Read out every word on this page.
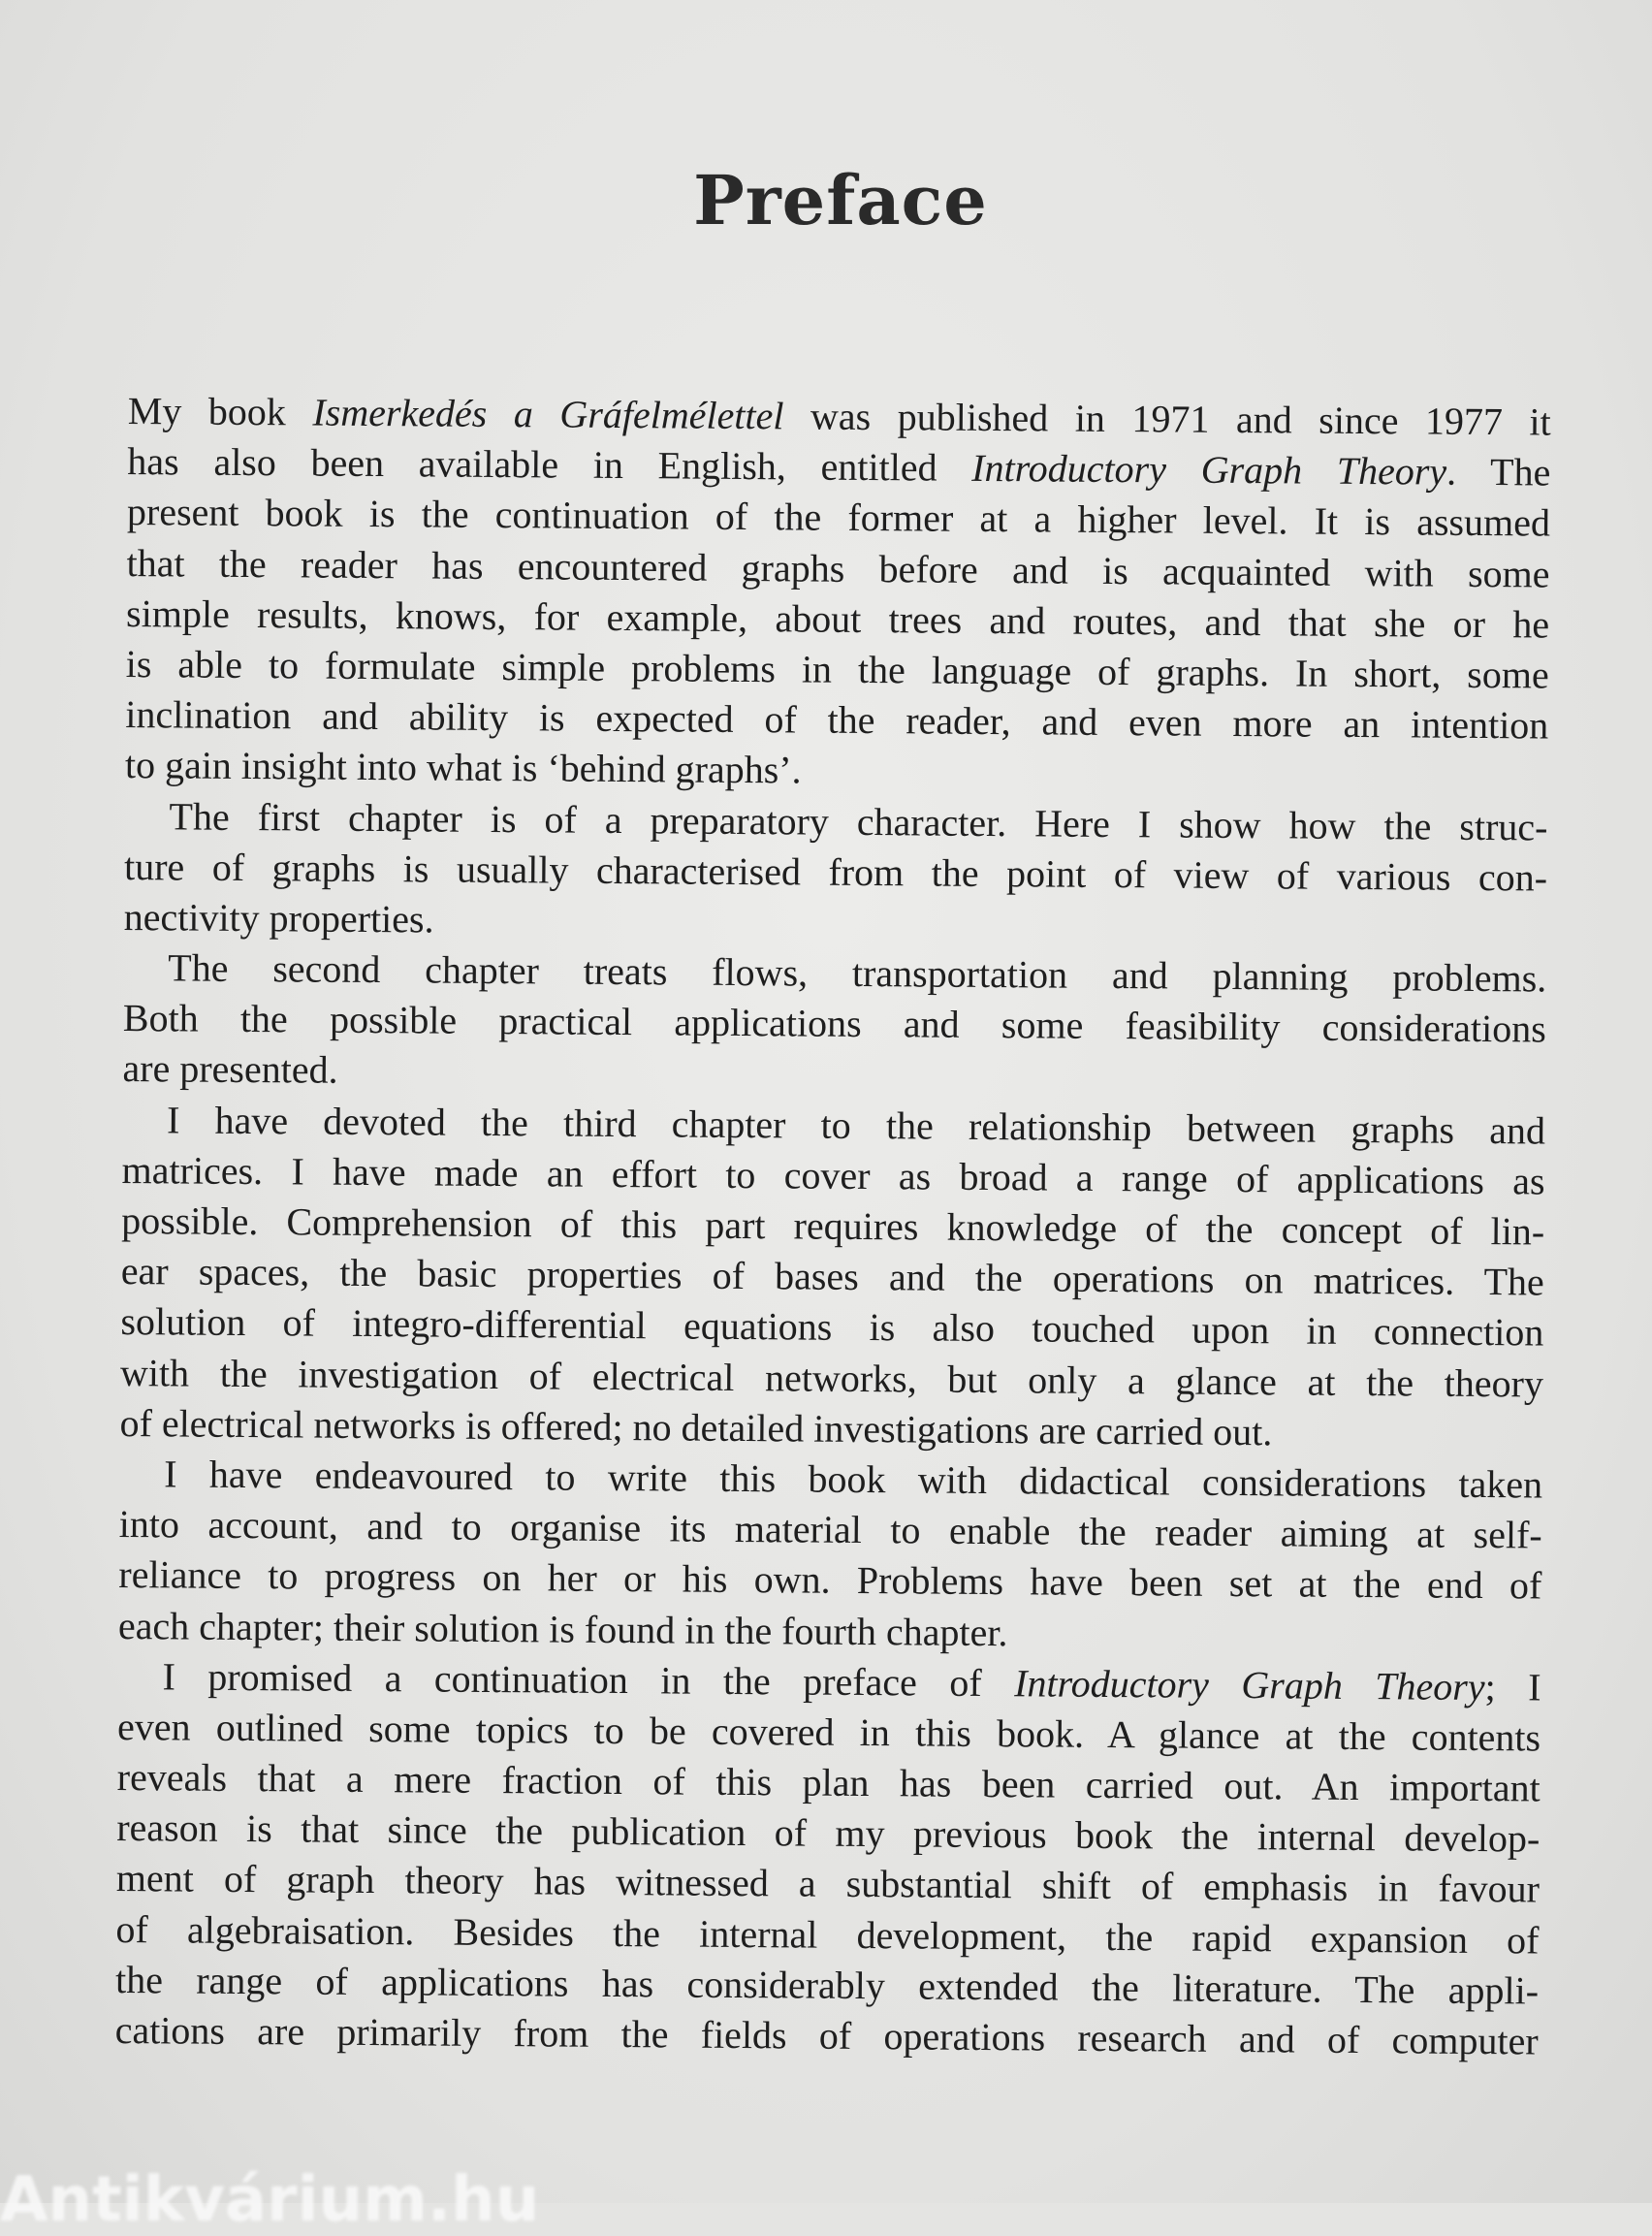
Preface
My book Ismerkedés a Gráfelmélettel was published in 1971 and since 1977 it
has also been available in English, entitled Introductory Graph Theory. The
present book is the continuation of the former at a higher level. It is assumed
that the reader has encountered graphs before and is acquainted with some
simple results, knows, for example, about trees and routes, and that she or he
is able to formulate simple problems in the language of graphs. In short, some
inclination and ability is expected of the reader, and even more an intention
to gain insight into what is ‘behind graphs’.
The first chapter is of a preparatory character. Here I show how the struc-
ture of graphs is usually characterised from the point of view of various con-
nectivity properties.
The second chapter treats flows, transportation and planning problems.
Both the possible practical applications and some feasibility considerations
are presented.
I have devoted the third chapter to the relationship between graphs and
matrices. I have made an effort to cover as broad a range of applications as
possible. Comprehension of this part requires knowledge of the concept of lin-
ear spaces, the basic properties of bases and the operations on matrices. The
solution of integro-differential equations is also touched upon in connection
with the investigation of electrical networks, but only a glance at the theory
of electrical networks is offered; no detailed investigations are carried out.
I have endeavoured to write this book with didactical considerations taken
into account, and to organise its material to enable the reader aiming at self-
reliance to progress on her or his own. Problems have been set at the end of
each chapter; their solution is found in the fourth chapter.
I promised a continuation in the preface of Introductory Graph Theory; I
even outlined some topics to be covered in this book. A glance at the contents
reveals that a mere fraction of this plan has been carried out. An important
reason is that since the publication of my previous book the internal develop-
ment of graph theory has witnessed a substantial shift of emphasis in favour
of algebraisation. Besides the internal development, the rapid expansion of
the range of applications has considerably extended the literature. The appli-
cations are primarily from the fields of operations research and of computer
Antikvárium.hu
